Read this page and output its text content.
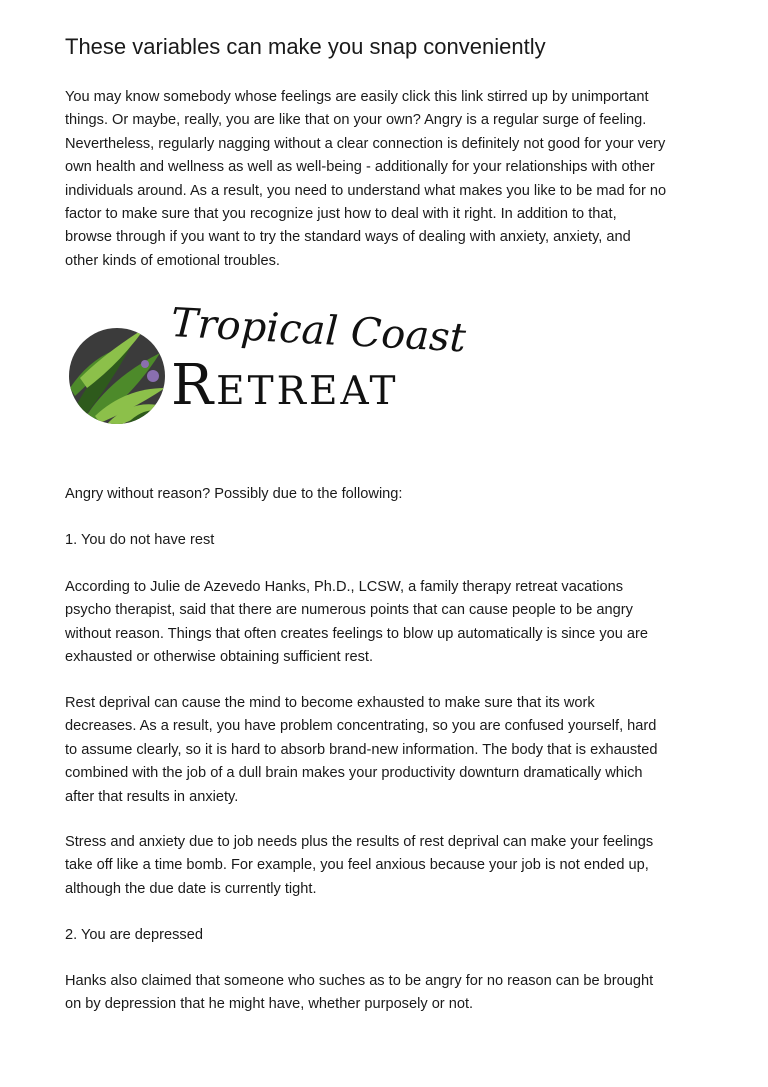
These variables can make you snap conveniently

You may know somebody whose feelings are easily click this link stirred up by unimportant
things. Or maybe, really, you are like that on your own? Angry is a regular surge of feeling.
Nevertheless, regularly nagging without a clear connection is definitely not good for your very
own health and wellness as well as well-being - additionally for your relationships with other
individuals around. As a result, you need to understand what makes you like to be mad for no
factor to make sure that you recognize just how to deal with it right. In addition to that,
browse through if you want to try the standard ways of dealing with anxiety, anxiety, and
other kinds of emotional troubles.

Tropical Coast
Retreat

Angry without reason? Possibly due to the following:

1. You do not have rest

According to Julie de Azevedo Hanks, Ph.D., LCSW, a family therapy retreat vacations
psycho therapist, said that there are numerous points that can cause people to be angry
without reason. Things that often creates feelings to blow up automatically is since you are
exhausted or otherwise obtaining sufficient rest.

Rest deprival can cause the mind to become exhausted to make sure that its work
decreases. As a result, you have problem concentrating, so you are confused yourself, hard
to assume clearly, so it is hard to absorb brand-new information. The body that is exhausted
combined with the job of a dull brain makes your productivity downturn dramatically which
after that results in anxiety.

Stress and anxiety due to job needs plus the results of rest deprival can make your feelings
take off like a time bomb. For example, you feel anxious because your job is not ended up,
although the due date is currently tight.

2. You are depressed

Hanks also claimed that someone who suches as to be angry for no reason can be brought
on by depression that he might have, whether purposely or not.
